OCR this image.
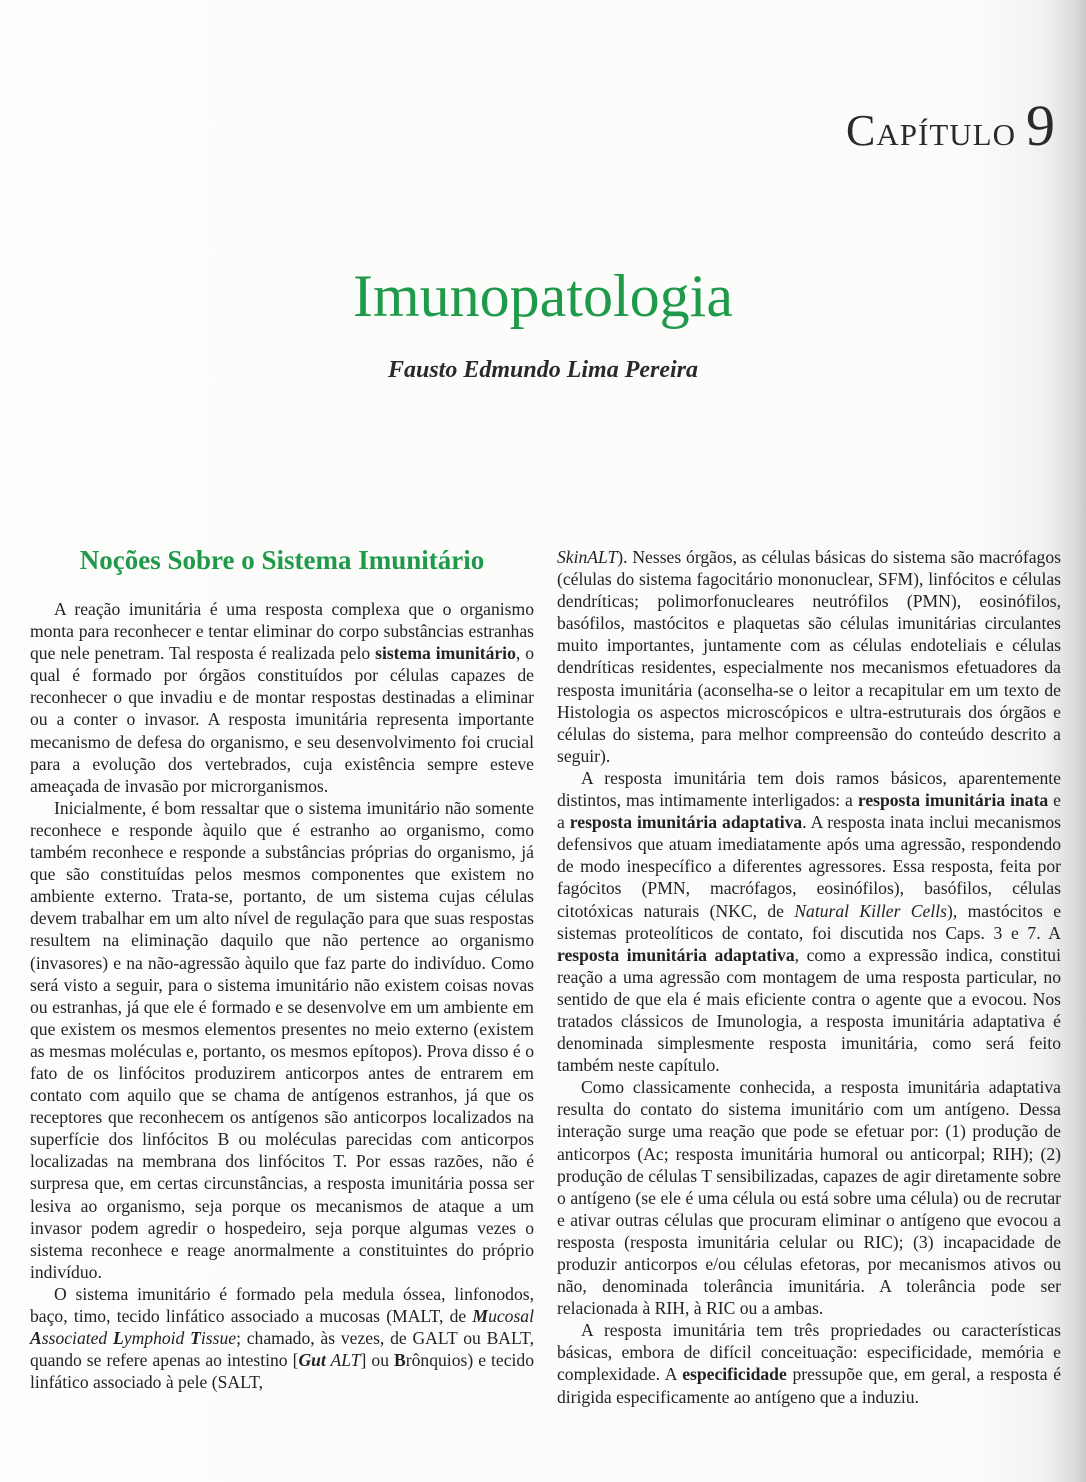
Capítulo 9
Imunopatologia
Fausto Edmundo Lima Pereira
Noções Sobre o Sistema Imunitário

A reação imunitária é uma resposta complexa que o organismo monta para reconhecer e tentar eliminar do corpo substâncias estranhas que nele penetram. Tal resposta é realizada pelo sistema imunitário, o qual é formado por órgãos constituídos por células capazes de reconhecer o que invadiu e de montar respostas destinadas a eliminar ou a conter o invasor. A resposta imunitária representa importante mecanismo de defesa do organismo, e seu desenvolvimento foi crucial para a evolução dos vertebrados, cuja existência sempre esteve ameaçada de invasão por microrganismos.

Inicialmente, é bom ressaltar que o sistema imunitário não somente reconhece e responde àquilo que é estranho ao organismo, como também reconhece e responde a substâncias próprias do organismo, já que são constituídas pelos mesmos componentes que existem no ambiente externo. Trata-se, portanto, de um sistema cujas células devem trabalhar em um alto nível de regulação para que suas respostas resultem na eliminação daquilo que não pertence ao organismo (invasores) e na não-agressão àquilo que faz parte do indivíduo. Como será visto a seguir, para o sistema imunitário não existem coisas novas ou estranhas, já que ele é formado e se desenvolve em um ambiente em que existem os mesmos elementos presentes no meio externo (existem as mesmas moléculas e, portanto, os mesmos epítopos). Prova disso é o fato de os linfócitos produzirem anticorpos antes de entrarem em contato com aquilo que se chama de antígenos estranhos, já que os receptores que reconhecem os antígenos são anticorpos localizados na superfície dos linfócitos B ou moléculas parecidas com anticorpos localizadas na membrana dos linfócitos T. Por essas razões, não é surpresa que, em certas circunstâncias, a resposta imunitária possa ser lesiva ao organismo, seja porque os mecanismos de ataque a um invasor podem agredir o hospedeiro, seja porque algumas vezes o sistema reconhece e reage anormalmente a constituintes do próprio indivíduo.

O sistema imunitário é formado pela medula óssea, linfonodos, baço, timo, tecido linfático associado a mucosas (MALT, de Mucosal Associated Lymphoid Tissue; chamado, às vezes, de GALT ou BALT, quando se refere apenas ao intestino [Gut ALT] ou Brônquios) e tecido linfático associado à pele (SALT,

SkinALT). Nesses órgãos, as células básicas do sistema são macrófagos (células do sistema fagocitário mononuclear, SFM), linfócitos e células dendríticas; polimorfonucleares neutrófilos (PMN), eosinófilos, basófilos, mastócitos e plaquetas são células imunitárias circulantes muito importantes, juntamente com as células endoteliais e células dendríticas residentes, especialmente nos mecanismos efetuadores da resposta imunitária (aconselha-se o leitor a recapitular em um texto de Histologia os aspectos microscópicos e ultra-estruturais dos órgãos e células do sistema, para melhor compreensão do conteúdo descrito a seguir).

A resposta imunitária tem dois ramos básicos, aparentemente distintos, mas intimamente interligados: a resposta imunitária inata e a resposta imunitária adaptativa. A resposta inata inclui mecanismos defensivos que atuam imediatamente após uma agressão, respondendo de modo inespecífico a diferentes agressores. Essa resposta, feita por fagócitos (PMN, macrófagos, eosinófilos), basófilos, células citotóxicas naturais (NKC, de Natural Killer Cells), mastócitos e sistemas proteolíticos de contato, foi discutida nos Caps. 3 e 7. A resposta imunitária adaptativa, como a expressão indica, constitui reação a uma agressão com montagem de uma resposta particular, no sentido de que ela é mais eficiente contra o agente que a evocou. Nos tratados clássicos de Imunologia, a resposta imunitária adaptativa é denominada simplesmente resposta imunitária, como será feito também neste capítulo.

Como classicamente conhecida, a resposta imunitária adaptativa resulta do contato do sistema imunitário com um antígeno. Dessa interação surge uma reação que pode se efetuar por: (1) produção de anticorpos (Ac; resposta imunitária humoral ou anticorpal; RIH); (2) produção de células T sensibilizadas, capazes de agir diretamente sobre o antígeno (se ele é uma célula ou está sobre uma célula) ou de recrutar e ativar outras células que procuram eliminar o antígeno que evocou a resposta (resposta imunitária celular ou RIC); (3) incapacidade de produzir anticorpos e/ou células efetoras, por mecanismos ativos ou não, denominada tolerância imunitária. A tolerância pode ser relacionada à RIH, à RIC ou a ambas.

A resposta imunitária tem três propriedades ou características básicas, embora de difícil conceituação: especificidade, memória e complexidade. A especificidade pressupõe que, em geral, a resposta é dirigida especificamente ao antígeno que a induziu.
